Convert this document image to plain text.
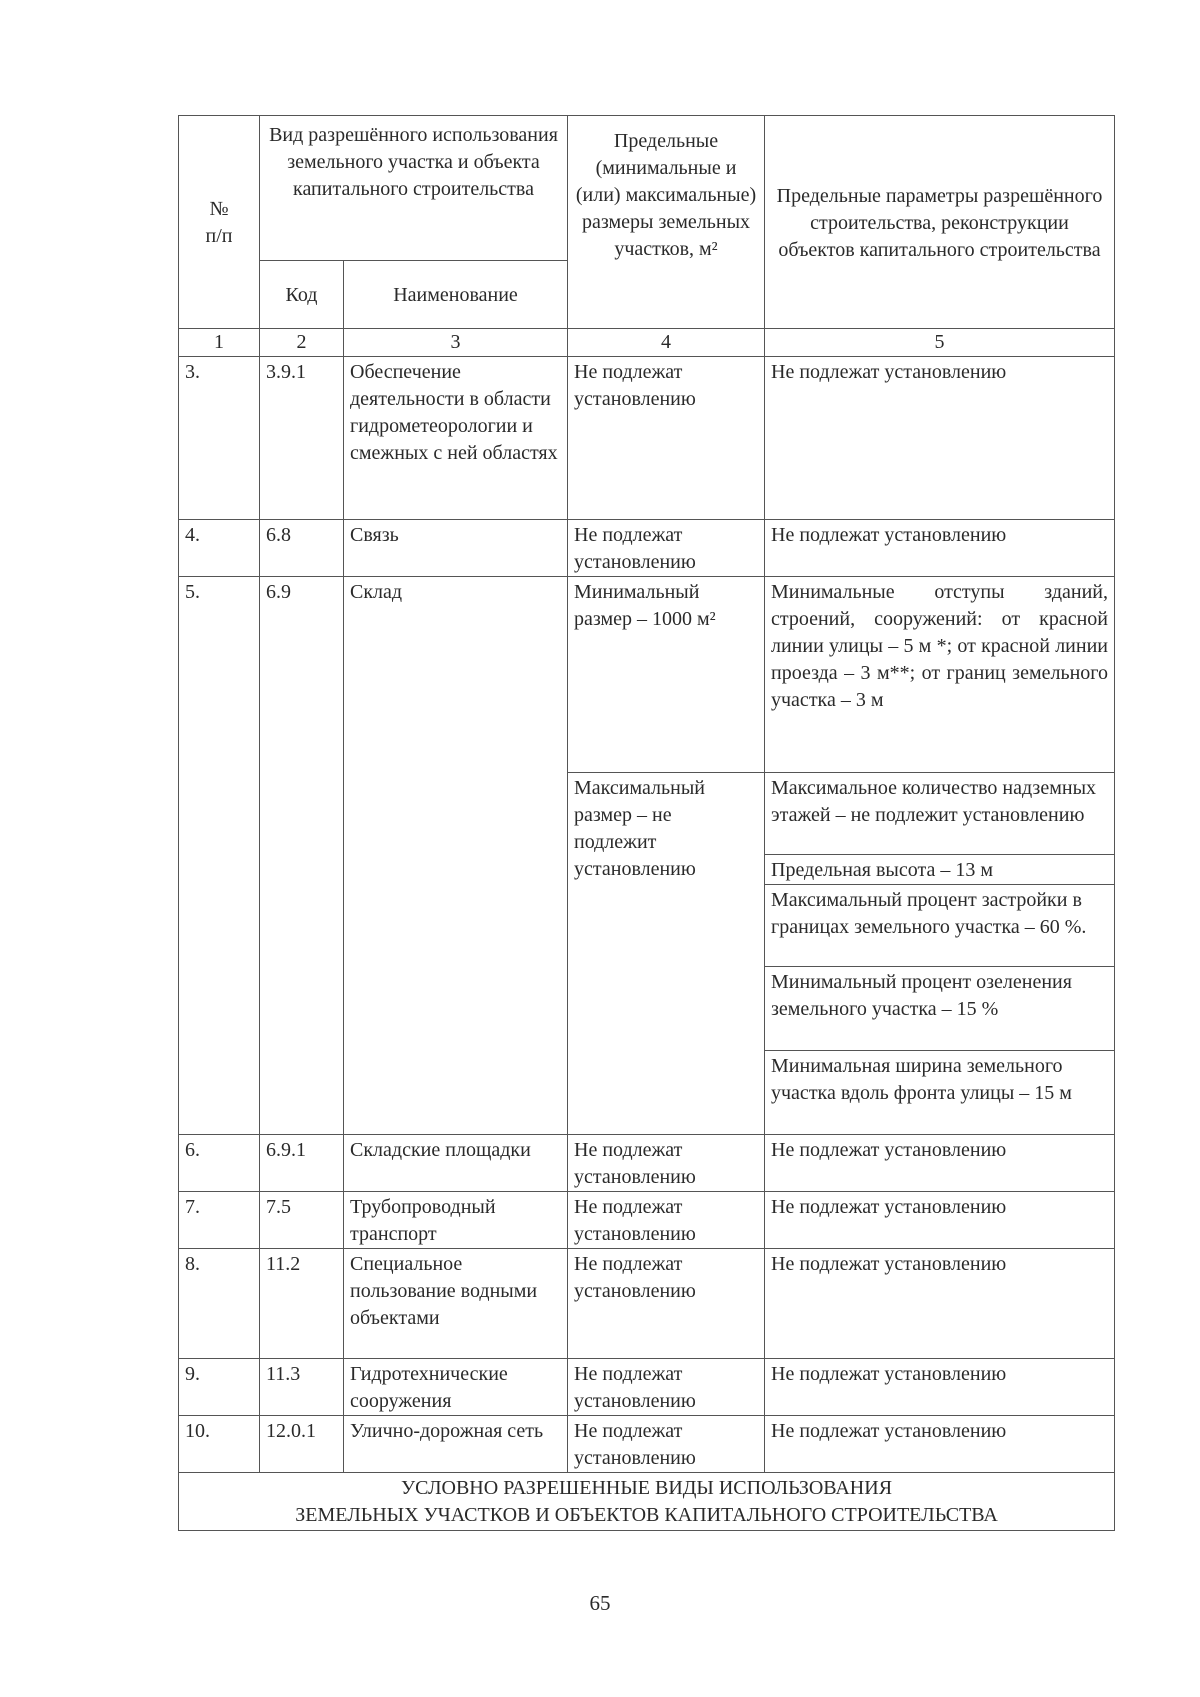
№
п/п	Вид разрешённого использования земельного участка и объекта капитального строительства		Предельные (минимальные и (или) максимальные) размеры земельных участков, м²	Предельные параметры разрешённого строительства, реконструкции объектов капитального строительства
	Код	Наименование		
1	2	3	4	5
3.	3.9.1	Обеспечение деятельности в области гидрометеорологии и смежных с ней областях	Не подлежат установлению	Не подлежат установлению
4.	6.8	Связь	Не подлежат установлению	Не подлежат установлению
5.	6.9	Склад	Минимальный размер – 1000 м²	Минимальные отступы зданий, строений, сооружений: от красной линии улицы – 5 м *; от красной линии проезда – 3 м**; от границ земельного участка – 3 м
			Максимальный размер – не подлежит установлению	Максимальное количество надземных этажей – не подлежит установлению
				Предельная высота – 13 м
				Максимальный процент застройки в границах земельного участка – 60 %.
				Минимальный процент озеленения земельного участка – 15 %
				Минимальная ширина земельного участка вдоль фронта улицы – 15 м
6.	6.9.1	Складские площадки	Не подлежат установлению	Не подлежат установлению
7.	7.5	Трубопроводный транспорт	Не подлежат установлению	Не подлежат установлению
8.	11.2	Специальное пользование водными объектами	Не подлежат установлению	Не подлежат установлению
9.	11.3	Гидротехнические сооружения	Не подлежат установлению	Не подлежат установлению
10.	12.0.1	Улично-дорожная сеть	Не подлежат установлению	Не подлежат установлению
УСЛОВНО РАЗРЕШЕННЫЕ ВИДЫ ИСПОЛЬЗОВАНИЯ
ЗЕМЕЛЬНЫХ УЧАСТКОВ И ОБЪЕКТОВ КАПИТАЛЬНОГО СТРОИТЕЛЬСТВА				
65
